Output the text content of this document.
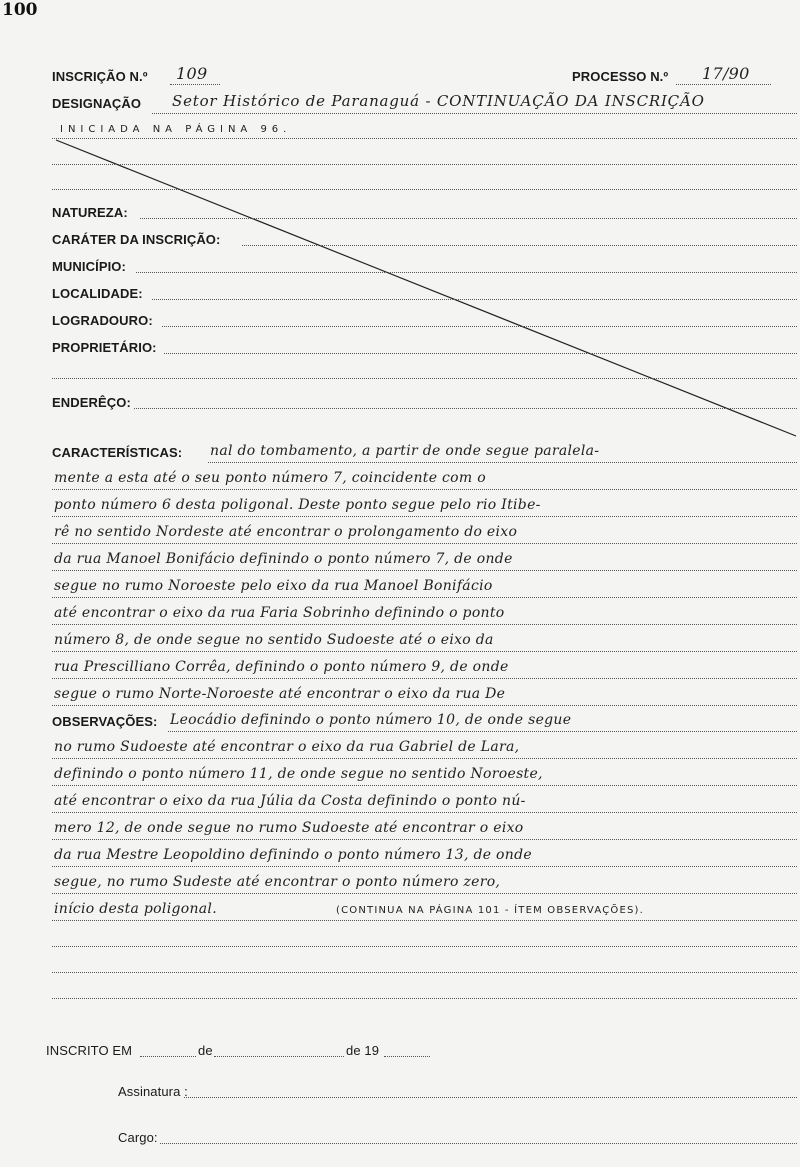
100
INSCRIÇÃO N.º 109	PROCESSO N.º 17/90
DESIGNAÇÃO Setor Histórico de Paranaguá - CONTINUAÇÃO DA INSCRIÇÃO
INICIADA NA PÁGINA 96.
NATUREZA:
CARÁTER DA INSCRIÇÃO:
MUNICÍPIO:
LOCALIDADE:
LOGRADOURO:
PROPRIETÁRIO:
ENDERÊÇO:
CARACTERÍSTICAS: nal do tombamento, a partir de onde segue paralela-
mente a esta até o seu ponto número 7, coincidente com o
ponto número 6 desta poligonal. Deste ponto segue pelo rio Itibe-
rê no sentido Nordeste até encontrar o prolongamento do eixo
da rua Manoel Bonifácio definindo o ponto número 7, de onde
segue no rumo Noroeste pelo eixo da rua Manoel Bonifácio
até encontrar o eixo da rua Faria Sobrinho definindo o ponto
número 8, de onde segue no sentido Sudoeste até o eixo da
rua Prescilliano Corrêa, definindo o ponto número 9, de onde
segue o rumo Norte-Noroeste até encontrar o eixo da rua De
OBSERVAÇÕES: Leocádio definindo o ponto número 10, de onde segue
no rumo Sudoeste até encontrar o eixo da rua Gabriel de Lara,
definindo o ponto número 11, de onde segue no sentido Noroeste,
até encontrar o eixo da rua Júlia da Costa definindo o ponto nú-
mero 12, de onde segue no rumo Sudoeste até encontrar o eixo
da rua Mestre Leopoldino definindo o ponto número 13, de onde
segue, no rumo Sudeste até encontrar o ponto número zero,
início desta poligonal.	(CONTINUA NA PÁGINA 101 - ÍTEM OBSERVAÇÕES).
INSCRITO EM	de	de 19
Assinatura :
Cargo:
